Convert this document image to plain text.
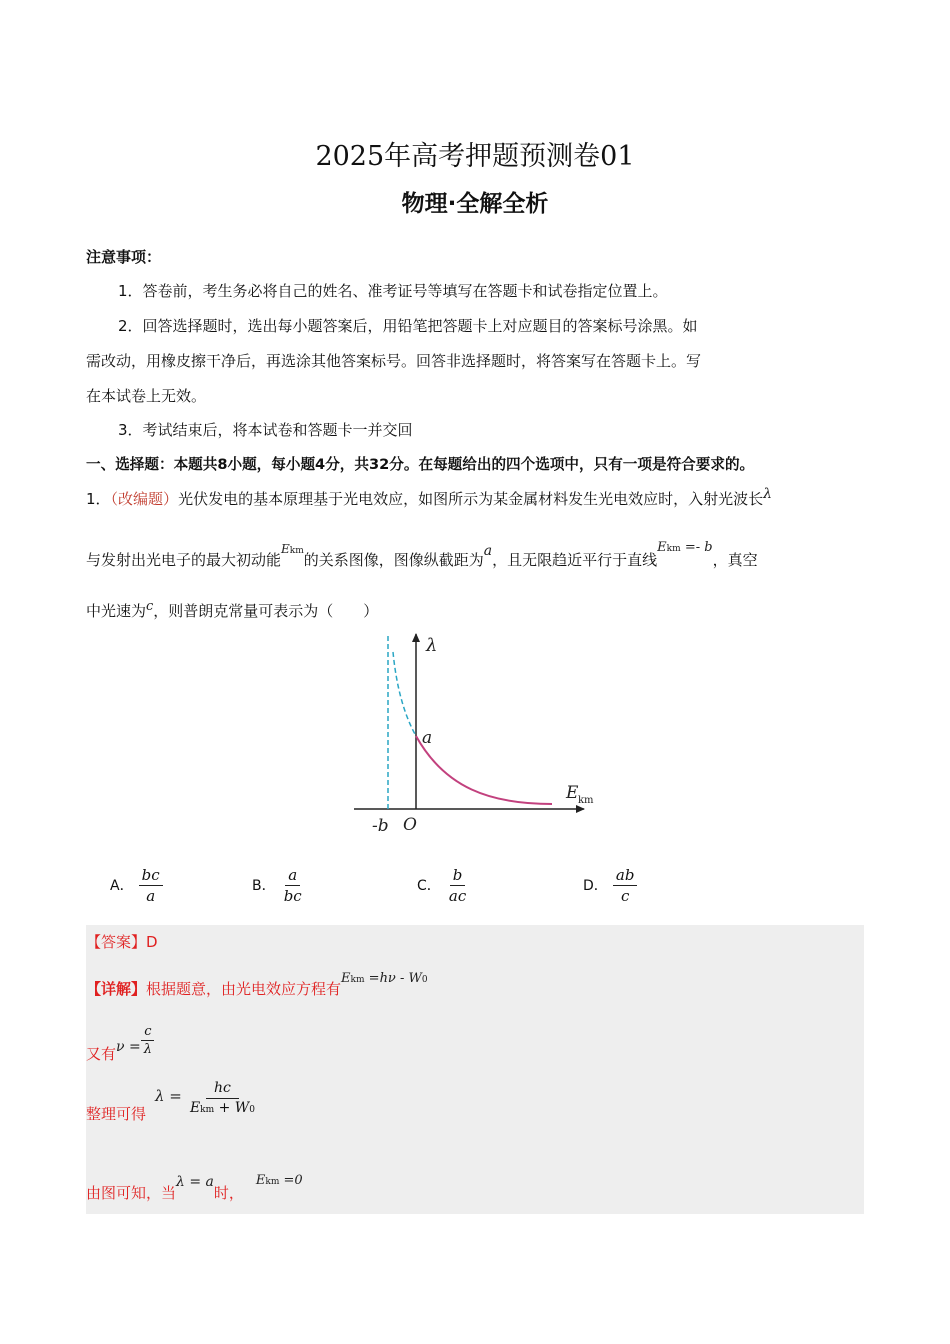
2025年高考押题预测卷01
物理·全解全析
注意事项：
1．答卷前，考生务必将自己的姓名、准考证号等填写在答题卡和试卷指定位置上。
2．回答选择题时，选出每小题答案后，用铅笔把答题卡上对应题目的答案标号涂黑。如
需改动，用橡皮擦干净后，再选涂其他答案标号。回答非选择题时，将答案写在答题卡上。写
在本试卷上无效。
3．考试结束后，将本试卷和答题卡一并交回
一、选择题：本题共8小题，每小题4分，共32分。在每题给出的四个选项中，只有一项是符合要求的。
1．（改编题）光伏发电的基本原理基于光电效应，如图所示为某金属材料发生光电效应时，入射光波长λ
与发射出光电子的最大初动能$^{Ekm}$的关系图像，图像纵截距为a，且无限趋近平行于直线Ekm =- b，真空
中光速为c，则普朗克常量可表示为（　　）
λ
a
E km
O
-b
A． $\frac{bc}{a}$	B． $\frac{a}{bc}$	C． $\frac{b}{ac}$	D． $\frac{ab}{c}$
【答案】D
【详解】根据题意，由光电效应方程有Ekm =hν - W0
又有$\nu = \frac{c}{\lambda}$
整理可得
$\lambda = \frac{hc}{\text{Ekm + W0}}$
由图可知，当λ = a时，Ekm =0
